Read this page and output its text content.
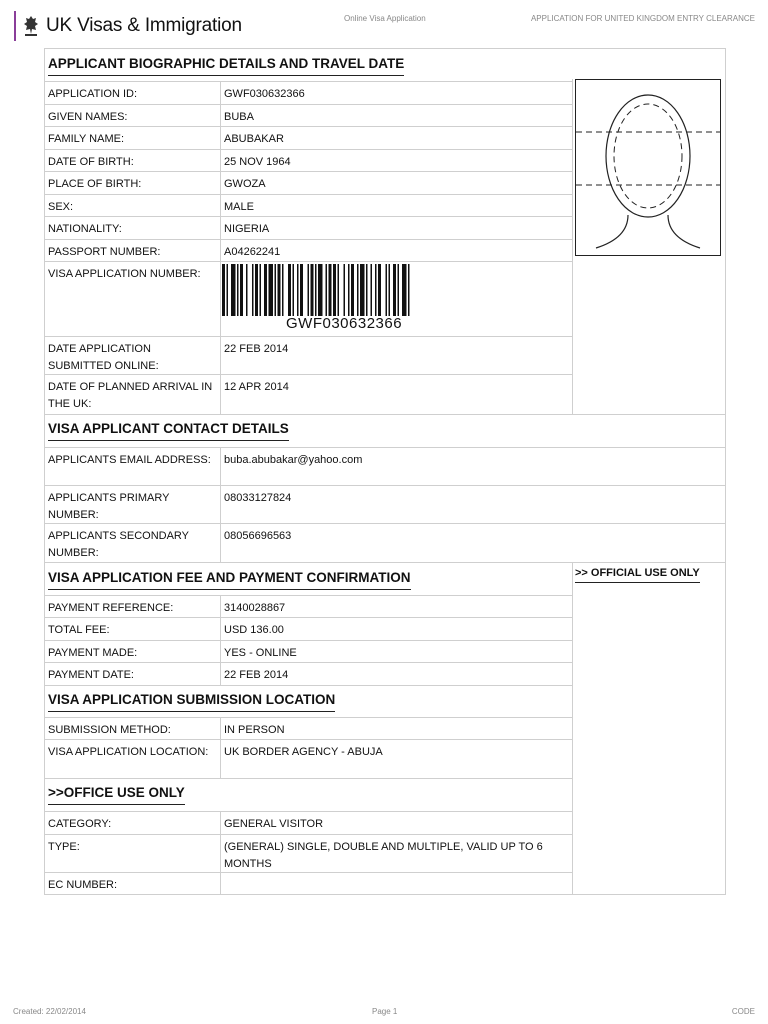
UK Visas & Immigration	Online Visa Application	APPLICATION FOR UNITED KINGDOM ENTRY CLEARANCE
APPLICANT BIOGRAPHIC DETAILS AND TRAVEL DATE
APPLICATION ID:	GWF030632366
GIVEN NAMES:	BUBA
FAMILY NAME:	ABUBAKAR
DATE OF BIRTH:	25 NOV 1964
PLACE OF BIRTH:	GWOZA
SEX:	MALE
NATIONALITY:	NIGERIA
PASSPORT NUMBER:	A04262241
VISA APPLICATION NUMBER:
GWF030632366
DATE APPLICATION SUBMITTED ONLINE:
22 FEB 2014
DATE OF PLANNED ARRIVAL IN THE UK:
12 APR 2014
VISA APPLICANT CONTACT DETAILS
APPLICANTS EMAIL ADDRESS:	buba.abubakar@yahoo.com
APPLICANTS PRIMARY NUMBER:
08033127824
APPLICANTS SECONDARY NUMBER:
08056696563
VISA APPLICATION FEE AND PAYMENT CONFIRMATION	>> OFFICIAL USE ONLY
PAYMENT REFERENCE:	3140028867
TOTAL FEE:	USD 136.00
PAYMENT MADE:	YES - ONLINE
PAYMENT DATE:	22 FEB 2014
VISA APPLICATION SUBMISSION LOCATION
SUBMISSION METHOD:	IN PERSON
VISA APPLICATION LOCATION:	UK BORDER AGENCY - ABUJA
>>OFFICE USE ONLY
CATEGORY:	GENERAL VISITOR
TYPE:	(GENERAL) SINGLE, DOUBLE AND MULTIPLE, VALID UP TO 6 MONTHS
EC NUMBER:
Created: 22/02/2014	Page 1	CODE
